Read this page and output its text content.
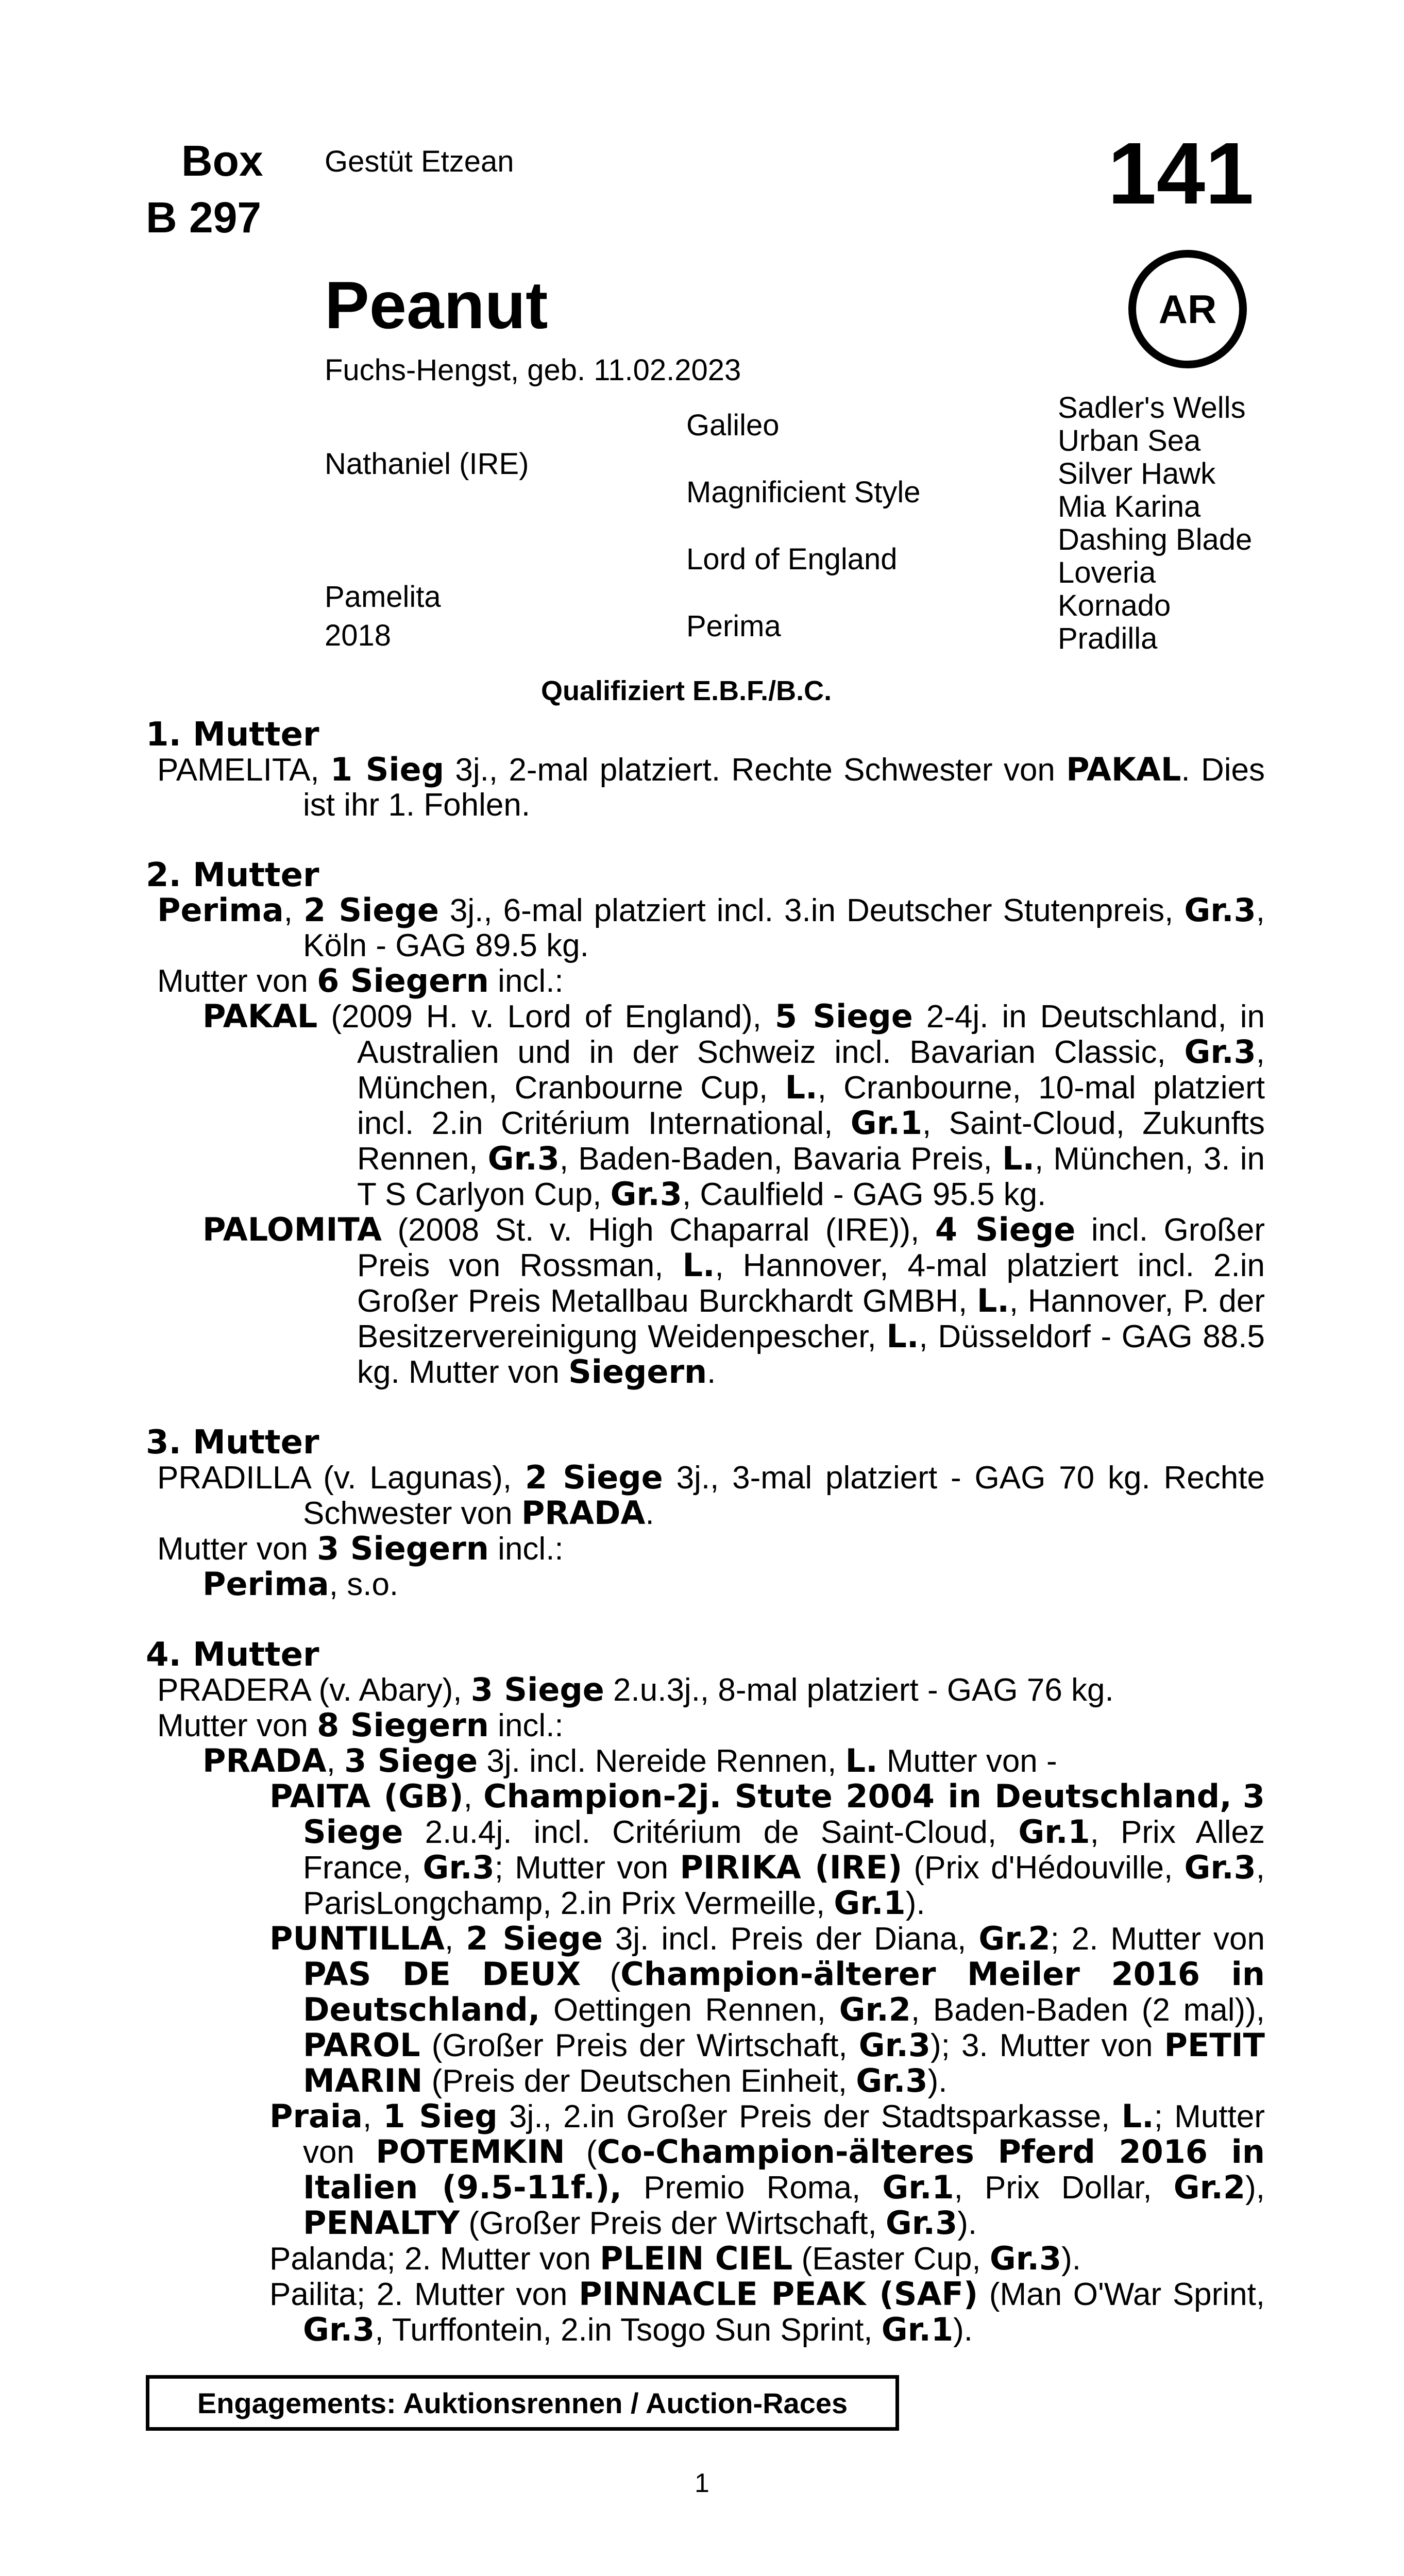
Box
B 297
Gestüt Etzean	141
AR
Peanut
Fuchs-Hengst, geb. 11.02.2023
Nathaniel (IRE)
Pamelita
2018
Galileo
Magnificient Style
Lord of England
Perima
Sadler's Wells
Urban Sea
Silver Hawk
Mia Karina
Dashing Blade
Loveria
Kornado
Pradilla
Qualifiziert E.B.F./B.C.

1. Mutter

PAMELITA, 1 Sieg 3j., 2-mal platziert. Rechte Schwester von PAKAL. Dies ist ihr 1. Fohlen.

2. Mutter

Perima, 2 Siege 3j., 6-mal platziert incl. 3.in Deutscher Stutenpreis, Gr.3, Köln - GAG 89.5 kg.

Mutter von 6 Siegern incl.:

PAKAL (2009 H. v. Lord of England), 5 Siege 2-4j. in Deutschland, in Australien und in der Schweiz incl. Bavarian Classic, Gr.3, München, Cranbourne Cup, L., Cranbourne, 10-mal platziert incl. 2.in Critérium International, Gr.1, Saint-Cloud, Zukunfts Rennen, Gr.3, Baden-Baden, Bavaria Preis, L., München, 3. in T S Carlyon Cup, Gr.3, Caulfield - GAG 95.5 kg.

PALOMITA (2008 St. v. High Chaparral (IRE)), 4 Siege incl. Großer Preis von Rossman, L., Hannover, 4-mal platziert incl. 2.in Großer Preis Metallbau Burckhardt GMBH, L., Hannover, P. der Besitzervereinigung Weidenpescher, L., Düsseldorf - GAG 88.5 kg. Mutter von Siegern.

3. Mutter

PRADILLA (v. Lagunas), 2 Siege 3j., 3-mal platziert - GAG 70 kg. Rechte Schwester von PRADA.

Mutter von 3 Siegern incl.:

Perima, s.o.

4. Mutter

PRADERA (v. Abary), 3 Siege 2.u.3j., 8-mal platziert - GAG 76 kg.

Mutter von 8 Siegern incl.:

PRADA, 3 Siege 3j. incl. Nereide Rennen, L. Mutter von -

PAITA (GB), Champion-2j. Stute 2004 in Deutschland, 3 Siege 2.u.4j. incl. Critérium de Saint-Cloud, Gr.1, Prix Allez France, Gr.3; Mutter von PIRIKA (IRE) (Prix d'Hédouville, Gr.3, ParisLongchamp, 2.in Prix Vermeille, Gr.1).

PUNTILLA, 2 Siege 3j. incl. Preis der Diana, Gr.2; 2. Mutter von PAS DE DEUX (Champion-älterer Meiler 2016 in Deutschland, Oettingen Rennen, Gr.2, Baden-Baden (2 mal)), PAROL (Großer Preis der Wirtschaft, Gr.3); 3. Mutter von PETIT MARIN (Preis der Deutschen Einheit, Gr.3).

Praia, 1 Sieg 3j., 2.in Großer Preis der Stadtsparkasse, L.; Mutter von POTEMKIN (Co-Champion-älteres Pferd 2016 in Italien (9.5-11f.), Premio Roma, Gr.1, Prix Dollar, Gr.2), PENALTY (Großer Preis der Wirtschaft, Gr.3).

Palanda; 2. Mutter von PLEIN CIEL (Easter Cup, Gr.3).

Pailita; 2. Mutter von PINNACLE PEAK (SAF) (Man O'War Sprint, Gr.3, Turffontein, 2.in Tsogo Sun Sprint, Gr.1).

Engagements: Auktionsrennen / Auction-Races
1
